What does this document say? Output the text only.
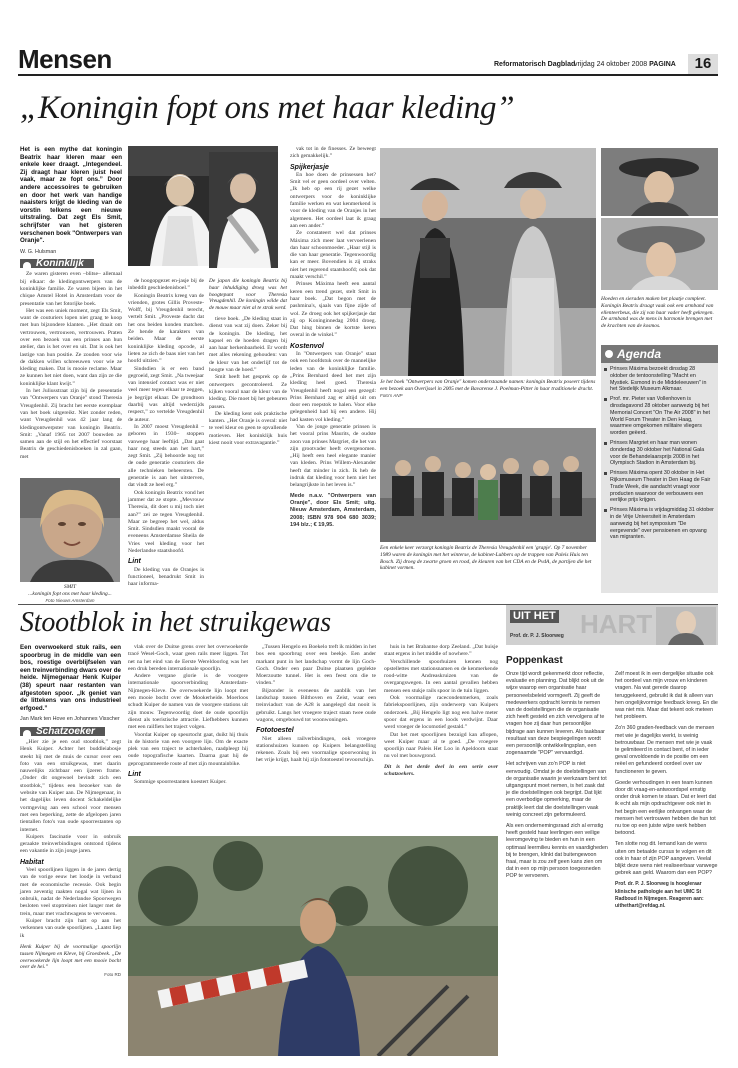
Mensen	Reformatorisch Dagblad
vrijdag 24 oktober 2008 PAGINA	16
„Koningin fopt ons met haar kleding”
Het is een mythe dat koningin Beatrix haar kleren maar een enkele keer draagt. „Integendeel. Zij draagt haar kleren juist heel vaak, maar ze fopt ons.” Door andere accessoires te gebruiken en door het werk van handige naaisters krijgt de kleding van de vorstin telkens een nieuwe uitstraling. Dat zegt Els Smit, schrijfster van het gisteren verschenen boek "Ontwerpers van Oranje".
W. G. Hulsman
Koninklijk

Ze waren gisteren even –blitse– allemaal bij elkaar: de kledingontwerpers van de koninklijke familie. Ze waren bijeen in het chique Amstel Hotel in Amsterdam voor de presentatie van het fotorijke boek.

Het was een uniek moment, zegt Els Smit, want de couturiers lopen niet graag te koop met hun bijzondere klanten. „Het draait om vertrouwen, vertrouwen, vertrouwen. Praten over een bezoek van een prinses aan hun atelier, dan is het over en uit. Dat is ook het lastige van hun positie. Ze zouden voor wie de dakken willen schreeuwen voor wie ze kleding maken. Dat is mooie reclame. Maar ze kunnen het niet doen, want dan zijn ze die koninklijke klant kwijt.”

In het Juliusstraat zijn bij de presentatie van "Ontwerpers van Oranje" stond Theresia Vreugdenhil. Zij bracht het eerste exemplaar van het boek uitgereikt. Niet zonder reden, want Vreugdenhil was 42 jaar lang de kledingontwerpster van koningin Beatrix. Smit: „Vanaf 1965 tot 2007 bouwden ze samen aan de stijl en het effectief voorstaat Beatrix de geschiedenisboeken in zal gaan, met

SMIT
...koningin fopt ons met haar kleding...
Foto Nieuws Amsterdam

de hoogopgezet en-jasje bij de inbeddit geschiedenisboel.”

Koningin Beatrix kreeg van de vrienden, grotes Gillis Proveste-Wolff, bij Vreugdenhil terecht, vertelt Smit. „Proveste dacht dat het ons beiden konden matchen. Ze hende de karakters van beiden. Maar de eerste koninklijke kleding opcode, al lieten ze zich de baas niet van het hoofd uitzien.”

Sindsdien is er een band gegroeid, zegt Smit. „Na tweejaar van intensief contact was er niet veel meer tegen elkaar te zeggen, je begrijpt elkaar. De grondtoon daarbij was altijd wederzijds respect,” zo vertelde Vreugdenhil de auteur.

In 2007 moest Vreugdenhil –geboren in 1930– stoppen vanwege haar leeftijd. „Dat gaat haar nog steeds aan het hart,” zegt Smit. „Zij behoorde nog tot de oude generatie couturiers die alle technieken beheersten. De generatie is aan het uitsterven, dat vindt ze heel erg.”

Ook koningin Beatrix vond het jammer dat ze stopte. „Mevrouw Theresia, dit doet u mij toch niet aan?” zei ze tegen Vreugdenhil. Maar ze begreep het wel, aldus Smit. Sindsdien maakt vooral de eveneens Amsterdamse Sheila de Vries veel kleding voor het Nederlandse staatshoofd.

Lint

De kleding van de Oranjes is functioneel, benadrukt Smit in haar informa-

De japon die koningin Beatrix bij haar inhuldiging droeg was het hoogtepunt voor Theresia Vreugdenhil. De koningin wilde dat de mouw maar niet al te strak werd.

tieve boek. „De kleding staat in dienst van wat zij doen. Zeker bij de koningin. De kleding, het kapsel en de hoeden dragen bij aan haar herkenbaarheid. Er wordt met alles rekening gehouden: van de kleur van het onderlijf tot de hoogte van de hoed.”

Smit heeft het gesprek op de ontwerpers gecontroleerd. Ze kijken vooral naar de kleur van de kleding. Die moet bij het gebeuren passen.

De kleding kent ook praktische kanten. „Het Oranje is overal: niet te veel kleur en geen te opvallende motieven. Het koninklijk huis kiest nooit voor extravagantie.”

vak tot in de finesses. Ze beweegt zich gemakkelijk.”

Spijkerjasje

En hoe doen de prinsessen het? Smit vel er geen oordeel over velten. „Ik heb op een rij gezet welke ontwerpers voor de koninklijke familie werken en wat kenmerkend is voor de kleding van de Oranjes in het algemeen. Het oordeel laat ik graag aan een ander.”

Ze constateert wel dat prinses Máxima zich meer laat vervoerlenen dan haar schoonmoeder. „Haar stijl is die van haar generatie. Tegenwoordig kan er meer. Bovendien is zij straks niet het regerend staatshoofd; ook dat maakt verschil.”

Prinses Máxima heeft een aantal keren een trend gezet, stelt Smit in haar boek. „Dat begon met de pashmina's, sjaals van fijne zijde of wol. Ze droeg ook het spijkerjasje dat zij op Koninginnedag 2004 droeg. Dat hing binnen de kortste keren overal in de winkel.”

Kostenvol

In "Ontwerpers van Oranje" staat ook een hoofdstuk over de mannelijke leden van de koninklijke familie. „Prins Bernhard deed het met zijn kleding heel goed. Theresia Vreugdenhil heeft nogal een gezegd: Prins Bernhard zag er altijd uit om door een roepstok te halen. Voor elke gelegenheid had hij een andere. Hij had kasten vol kleding.”

Van de jonge generatie prinsen is het vooral prins Maurits, de oudste zoon van prinses Margriet, die het van zijn grootvader heeft overgenomen. „Hij heeft een heel elegante manier van kleden. Prins Willem-Alexander heeft dat minder in zich. Ik heb de indruk dat kleding voor hem niet het belangrijkste in het leven is.”

Mede n.a.v. "Ontwerpers van Oranje", door Els Smit; uitg. Nieuw Amsterdam, Amsterdam, 2008; ISBN 978 904 680 3039; 194 blz.; € 19,95.

Je het boek "Ontwerpers van Oranje" komen onderstaande namen: koningin Beatrix poseert tijdens een bezoek aan Overijssel in 2005 met de Bavarense J. Poelman-Pitter in haar traditionele dracht. Foto's ANP
Hoeden en sieraden maken het plaatje compleet. Koningin Beatrix draagt vaak ook een armband van ellenteerbeus, die zij van haar vader heeft gekregen. De armband was de mens in harmonie brengen met de krachten van de kosmos.
Agenda
Prinses Máxima bezoekt dinsdag 28 oktober de tentoonstelling "Macht en Mystiek. Esmond in de Middeleeuwen" in het Stedelijk Museum Alkmaar.
Prof. mr. Pieter van Vollenhoven is dinsdagavond 28 oktober aanwezig bij het Memorial Concert "On The Air 2008" in het World Forum Theater in Den Haag, waarmee omgekomen militaire vliegers worden geëerd.
Prinses Margriet en haar man wonen donderdag 30 oktober het National Gala voor de Behandelaarsprijs 2008 in het Olympisch Stadion in Amsterdam bij.
Prinses Máxima opent 30 oktober in Het Rijksmuseum Theater in Den Haag de Fair Trade Week, die aandacht vraagt voor producten waarvoor de verbouwers een eerlijke prijs krijgen.
Prinses Máxima is vrijdagmiddag 31 oktober in de Vrije Universiteit in Amsterdam aanwezig bij het symposium "De eergevende" over pensioenen en opvang van migranten.
Een enkele keer verzorgt koningin Beatrix de Theresia Vreugdenhil een 'grapje'. Op 7 november 1989 waren de koningin met het winterse, de kabinet-Lubbers op de trappen van Paleis Huis ten Bosch. Zij droeg de zwarte groen en rood, de kleuren van het CDA en de PvdA, de partijen die het kabinet vormen.
Stootblok in het struikgewas
Een overwoekerd stuk rails, een spoorbrug in de middle van een bos, roestige overblijfselen van een treinverbinding dwars over de heide. Nijmegenaar Henk Kuiper (38) speurt naar restanten van afgestoten spoor. „Ik geniet van de littekens van ons industrieel erfgoed.”
Jan Mark ten Hove en Johannes Visscher
Schatzoeker

„Hier zie je een oud stootblok,” zegt Henk Kuiper. Achter het buddleiabosje steekt hij met de muis de cursor over een foto van een struikgewas, met daarin nauwelijks zichtbaar een ijzeren frame. „Onder dit ongewoel bevindt zich een stootblok,” tijdens een bezoeker van de website van Kuiper aan. De Nijmegenaar, in het dagelijks leven docent Schakeldelijke vormgeving aan een school voor mensen met een beperking, zette de afgelopen jaren tientallen foto's van oude spoorrestanten op internet.

Kuipers fascinatie voor in onbruik geraakte treinverbindingen ontstond tijdens een vakantie in zijn jonge jaren.

Habitat

Veel spoorlijnen liggen in de jaren dertig van de vorige eeuw het loodje in verband met de economische recessie. Ook begin jaren zeventig raakten nogal wat lijnen in onbruik, nadat de Nederlandse Spoorwegen besloten veel stoptreinen niet langer met de trein, maar met vrachtwagens te vervoeren.

Kuiper bracht zijn hart op aan het verkennen van oude spoorlijnen. „Laatst liep ik

Henk Kuiper bij de voormalige spoorlijn tussen Nijmegen en Kleve, bij Groesbeek. „De overwoekerde lijn loopt met een mooie bocht over de hei.”
Foto RD

vlak over de Duitse grens over het overwoekerde tracé Wesel-Goch, waar geen rails meer liggen. Tot net na het eind van de Eerste Wereldoorlog was het een druk bereden internationale spoorlijn.

Andere vergane glorie is de voorgere internationale spoorverbinding Amsterdam-Nijmegen-Kleve. De overwoekerde lijn loopt met een mooie bocht over de Mookerheide. Moerloos schudt Kuiper de namen van de voorgere stations uit zijn mouw. Tegenwoordig doet de oude spoorlijn dienst als toeristische attractie. Liefhebbers kunnen met een railfiets het traject volgen.

Voordat Kuiper op speurtocht gaat, duikt hij thuis in de historie van een voorgere lijn. Om de exacte plek van een traject te achterhalen, raadpleegt hij oude topografische kaarten. Daarna gaat hij de geprogrammeerde route af met zijn mountainbike.

Lint

Sommige spoorrestanten koestert Kuiper.

„Tussen Hengelo en Boekelo treft ik midden in het bos een spoorbrug over een beekje. Een ander markant punt in het landschap vormt de lijn Goch-Goch. Onder een paar Duitse plaatsen geplekte Moerzoutte tunnel. Het is een feest om die te vinden.”

Bijzonder is eveneens de aanblik van het landschap tussen Bilthoven en Zeist, waar een treinviaduct van de A28 is aangelegd dat nooit is gebruikt. Langs het vroegere traject staan twee oude wagons, omgebouwd tot woonwoningen.

Fototoestel

Niet alleen railverbindingen, ook vroegere stationshuizen kunnen op Kuipers belangstelling rekenen. Zoals bij een voormalige spoorwoning in het vrije krijgt, haalt hij zijn fototoestel tevoorschijn.

huis in het Brabantse dorp Zeeland. „Dat huisje staat ergens in het middle of nowhere.”

Verschillende spoorhuizen kennen nog opstellettes met stationsnamen en de kenmerkende rood-witte Andreaskruizen van de overgangswegen. In een aantal gevallen hebben mensen een stukje rails spoor in de tuin liggen.

Ook voormalige racecondenmerken, zoals fabriekspoorlijnen, zijn onderwerp van Kuipers onderzoek. „Bij Hengelo ligt nog een halve meter spoor dat ergens in een loods verdwijnt. Daar werd vroeger de locomotief gestald.”

Dat het met spoorlijnen bezuigd kan aflopen, weet Kuiper maar al te goed. „De vroegere spoorlijn naar Paleis Het Loo in Apeldoorn staat nu vol met bouwgrond.

Dit is het derde deel in een serie over schatzoekers.

UIT HET HART
Prof. dr. P. J. Sloorweg
Poppenkast

Onze tijd wordt gekenmerkt door reflectie, evaluatie en planning. Dat blijkt ook uit de wijze waarop een organisatie haar personeelsbeleid vormgeeft. Zij geeft de medewerkers opdracht kennis te nemen van de doelstellingen die de organisatie zich heeft gesteld en zich vervolgens af te vragen hoe zij daar hun persoonlijke bijdrage aan kunnen leveren. Als taakbaar resultaat van deze bespiegelingen wordt een persoonlijk ontwikkelingsplan, een zogenaamde "POP" vervaardigd.

Het schrijven van zo'n POP is niet eenvoudig. Omdat je de doelstellingen van de organisatie waarin je werkzaam bent tot uitgangspunt moet nemen, is het zaak dat je die doelstellingen ook begrijpt. Dat lijkt een overbodige opmerking, maar de praktijk leert dat die doelstellingen vaak weinig concreet zijn geformuleerd.

Als een ondernemingsraad zich al ernstig heeft gesteld haar leerlingen een veilige leeromgeving te bieden en hun in een optimaal leermilieu kennis en vaardigheden bij te brengen, klinkt dat buitengewoon fraai, maar is zou zelf geen kans zien om dat in een op mijn persoon toegesneden POP te vervoeren.

Zelf moest ik in een dergelijke situatie ook het oordeel van mijn vrouw en kinderen vragen. Na wat gerede daarop teruggekeerd, gebruikt ik dat ik alleen van hen ongelijkvormige feedback kreeg. En die was niet mis. Maar dat tekent ook meteen het probleem.

Zo'n 360 graden-feedback van de mensen met wie je dagelijks werkt, is weinig betrouwbaar. De mensen met wie je vaak te gelimiteerd in contact bent, of in ieder geval onvoldoende in de positie om een reëel en gefundeerd oordeel over uw functioneren te geven.

Goede verhoudingen in een team kunnen door dit vraag-en-antwoordspel ernstig onder druk komen te staan. Dat er leert dat ik echt als mijn opdrachtgever ook niet in het begin een eerlijke ontvangen waar de mensen het vertrouwen hebben die hun tot nu toe op een juiste wijze werk hebben betoond.

Ten slotte nog dit. Iemand kan de wens uiten om betaalde cursus te volgen en dit ook in haar of zijn POP aangeven. Veelal blijkt deze wens niet realiseerbaar vanwege gebrek aan geld. Waarom dan een POP?

Prof. dr. P. J. Sloorweg is hoogleraar klinische pathologie aan het UMC St Radboud in Nijmegen. Reageren aan: uithethart@refdag.nl.
